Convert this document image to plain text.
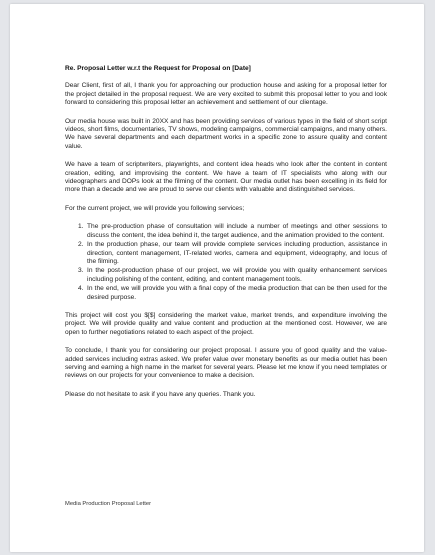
Re. Proposal Letter w.r.t the Request for Proposal on [Date]

Dear Client, first of all, I thank you for approaching our production house and asking for a proposal letter for the project detailed in the proposal request. We are very excited to submit this proposal letter to you and look forward to considering this proposal letter an achievement and settlement of our clientage.

Our media house was built in 20XX and has been providing services of various types in the field of short script videos, short films, documentaries, TV shows, modeling campaigns, commercial campaigns, and many others. We have several departments and each department works in a specific zone to assure quality and content value.

We have a team of scriptwriters, playwrights, and content idea heads who look after the content in content creation, editing, and improvising the content. We have a team of IT specialists who along with our videographers and DOPs look at the filming of the content. Our media outlet has been excelling in its field for more than a decade and we are proud to serve our clients with valuable and distinguished services.

For the current project, we will provide you following services;

1. The pre-production phase of consultation will include a number of meetings and other sessions to discuss the content, the idea behind it, the target audience, and the animation provided to the content.
2. In the production phase, our team will provide complete services including production, assistance in direction, content management, IT-related works, camera and equipment, videography, and locus of the filming.
3. In the post-production phase of our project, we will provide you with quality enhancement services including polishing of the content, editing, and content management tools.
4. In the end, we will provide you with a final copy of the media production that can be then used for the desired purpose.

This project will cost you $[$] considering the market value, market trends, and expenditure involving the project. We will provide quality and value content and production at the mentioned cost. However, we are open to further negotiations related to each aspect of the project.

To conclude, I thank you for considering our project proposal. I assure you of good quality and the value-added services including extras asked. We prefer value over monetary benefits as our media outlet has been serving and earning a high name in the market for several years. Please let me know if you need templates or reviews on our projects for your convenience to make a decision.

Please do not hesitate to ask if you have any queries. Thank you.

Media Production Proposal Letter
